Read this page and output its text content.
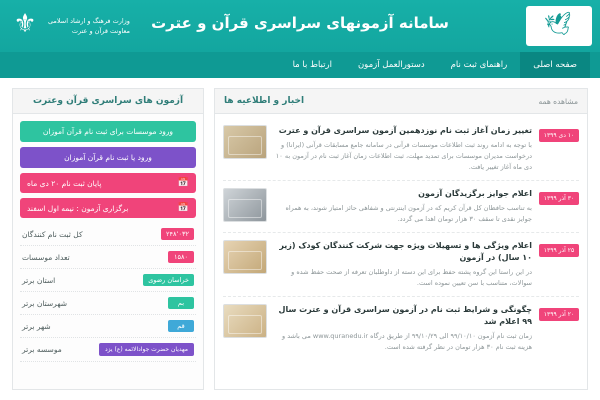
🕊
سامانه آزمونهای سراسری قرآن و عترت
وزارت فرهنگ و ارشاد اسلامی
معاونت قرآن و عترت
⚜
صفحه اصلی
راهنمای ثبت نام
دستورالعمل آزمون
ارتباط با ما
مشاهده همه
اخبار و اطلاعیه ها
۱۰ دی ۱۳۹۹
تغییر زمان آغاز ثبت نام نوزدهمین آزمون سراسری قرآن و عترت
با توجه به ادامه روند ثبت اطلاعات موسسات قرآنی در سامانه جامع مسابقات قرآنی (ایرانا) و درخواست مدیران موسسات برای تمدید مهلت، ثبت اطلاعات زمان آغاز ثبت نام در آزمون به ۱۰ دی ماه آغاز تغییر یافت.
۳۰ آذر ۱۳۹۹
اعلام جوایز برگزیدگان آزمون
به تناسب حافظان کل قرآن کریم که در آزمون اینترنتی و شفاهی حائز امتیاز شوند، به همراه جوایز نقدی تا سقف ۳۰ هزار تومان اهدا می گردد.
۲۵ آذر ۱۳۹۹
اعلام ویژگی ها و تسهیلات ویژه جهت شرکت کنندگان کودک (زیر ۱۰ سال) در آزمون
در این راستا این گروه پشته حفظ برای این دسته از داوطلبان تعرفه از صحت حفظ شده و سوالات، متناسب با سن تعیین نموده است.
۲۰ آذر ۱۳۹۹
چگونگی و شرایط ثبت نام در آزمون سراسری قرآن و عترت سال ۹۹ اعلام شد
زمان ثبت نام آزمون ۹۹/۱۰/۱۰ الی ۹۹/۱۰/۲۹ از طریق درگاه www.quranedu.ir می باشد و هزینه ثبت نام ۳۰ هزار تومان در نظر گرفته شده است.
آزمون های سراسری قرآن وعترت
ورود موسسات برای ثبت نام قرآن آموزان
ورود یا ثبت نام قرآن آموزان
📅
پایان ثبت نام ۲۰ دی ماه
📅
برگزاری آزمون : نیمه اول اسفند
۲۴۸٬۰۳۲
کل ثبت نام کنندگان
۱۵۸۰
تعداد موسسات
خراسان رضوی
استان برتر
بم
شهرستان برتر
قم
شهر برتر
مهدیان حضرت جوادالائمه (ع) یزد
موسسه برتر
